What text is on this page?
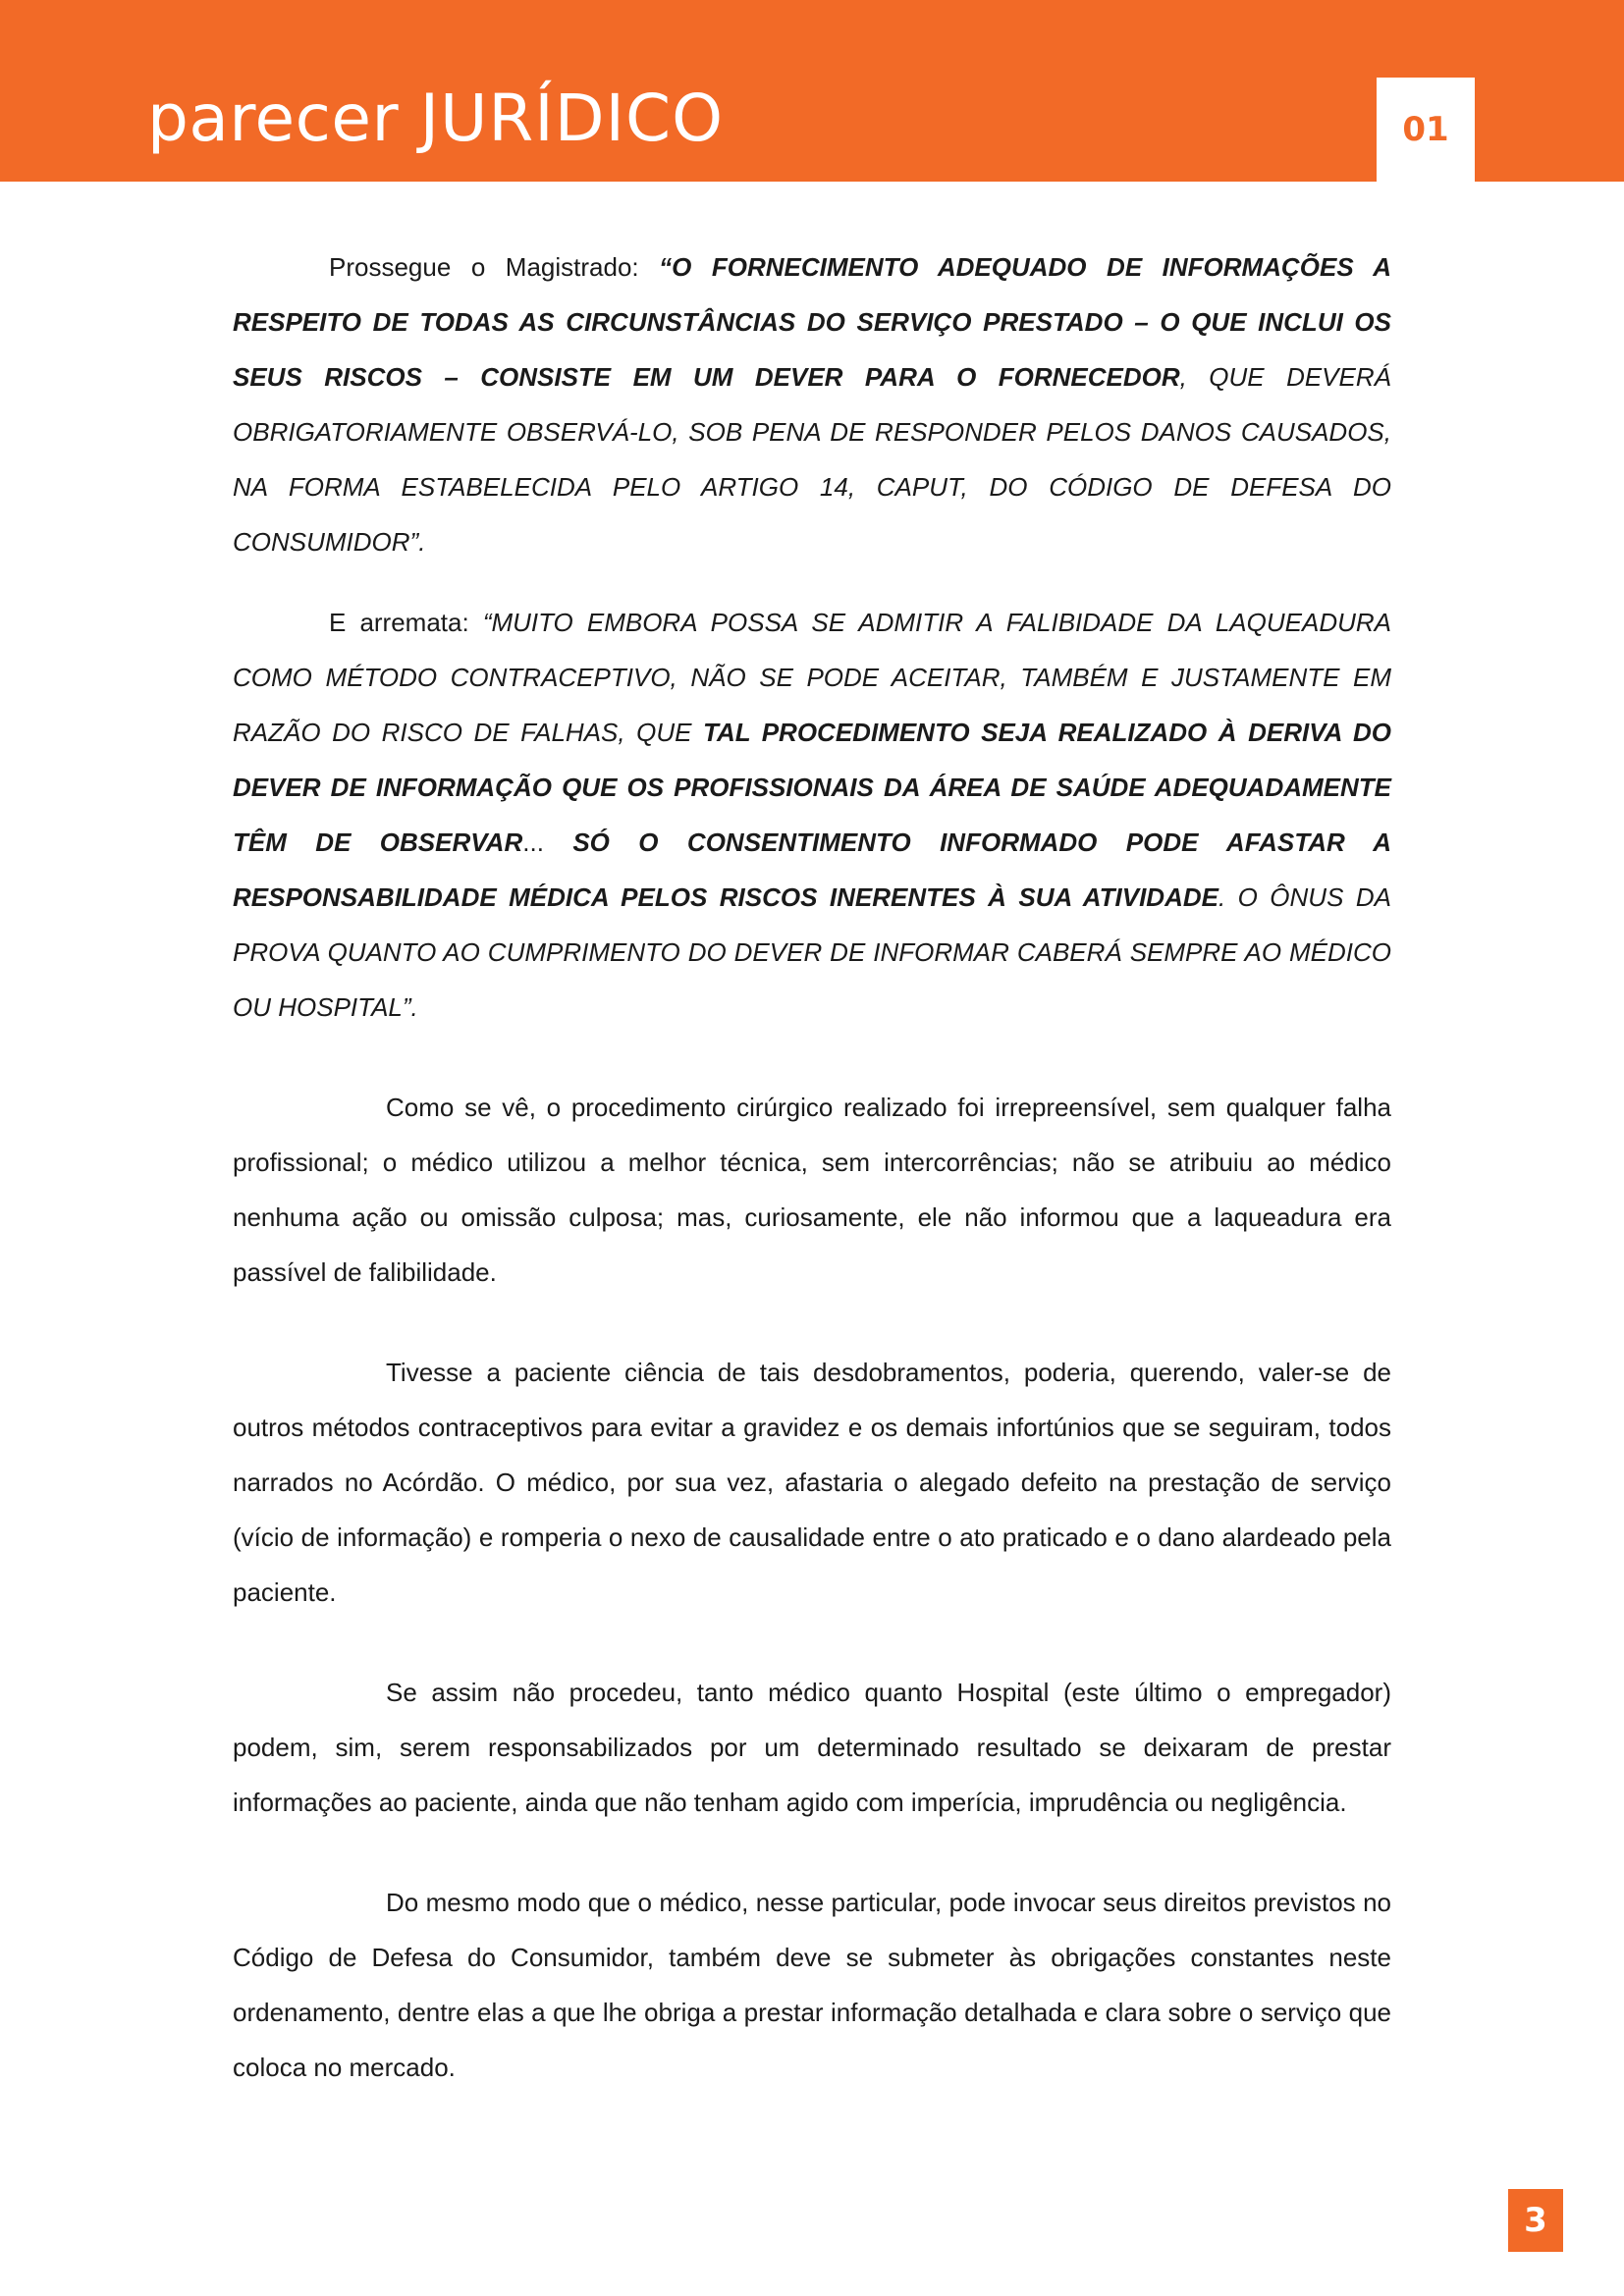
parecer JURÍDICO	01

Prossegue o Magistrado: “O FORNECIMENTO ADEQUADO DE INFORMAÇÕES A RESPEITO DE TODAS AS CIRCUNSTÂNCIAS DO SERVIÇO PRESTADO – O QUE INCLUI OS SEUS RISCOS – CONSISTE EM UM DEVER PARA O FORNECEDOR, QUE DEVERÁ OBRIGATORIAMENTE OBSERVÁ-LO, SOB PENA DE RESPONDER PELOS DANOS CAUSADOS, NA FORMA ESTABELECIDA PELO ARTIGO 14, CAPUT, DO CÓDIGO DE DEFESA DO CONSUMIDOR”.

E arremata: “MUITO EMBORA POSSA SE ADMITIR A FALIBIDADE DA LAQUEADURA COMO MÉTODO CONTRACEPTIVO, NÃO SE PODE ACEITAR, TAMBÉM E JUSTAMENTE EM RAZÃO DO RISCO DE FALHAS, QUE TAL PROCEDIMENTO SEJA REALIZADO À DERIVA DO DEVER DE INFORMAÇÃO QUE OS PROFISSIONAIS DA ÁREA DE SAÚDE ADEQUADAMENTE TÊM DE OBSERVAR... SÓ O CONSENTIMENTO INFORMADO PODE AFASTAR A RESPONSABILIDADE MÉDICA PELOS RISCOS INERENTES À SUA ATIVIDADE. O ÔNUS DA PROVA QUANTO AO CUMPRIMENTO DO DEVER DE INFORMAR CABERÁ SEMPRE AO MÉDICO OU HOSPITAL”.

Como se vê, o procedimento cirúrgico realizado foi irrepreensível, sem qualquer falha profissional; o médico utilizou a melhor técnica, sem intercorrências; não se atribuiu ao médico nenhuma ação ou omissão culposa; mas, curiosamente, ele não informou que a laqueadura era passível de falibilidade.

Tivesse a paciente ciência de tais desdobramentos, poderia, querendo, valer-se de outros métodos contraceptivos para evitar a gravidez e os demais infortúnios que se seguiram, todos narrados no Acórdão. O médico, por sua vez, afastaria o alegado defeito na prestação de serviço (vício de informação) e romperia o nexo de causalidade entre o ato praticado e o dano alardeado pela paciente.

Se assim não procedeu, tanto médico quanto Hospital (este último o empregador) podem, sim, serem responsabilizados por um determinado resultado se deixaram de prestar informações ao paciente, ainda que não tenham agido com imperícia, imprudência ou negligência.

Do mesmo modo que o médico, nesse particular, pode invocar seus direitos previstos no Código de Defesa do Consumidor, também deve se submeter às obrigações constantes neste ordenamento, dentre elas a que lhe obriga a prestar informação detalhada e clara sobre o serviço que coloca no mercado.

3
